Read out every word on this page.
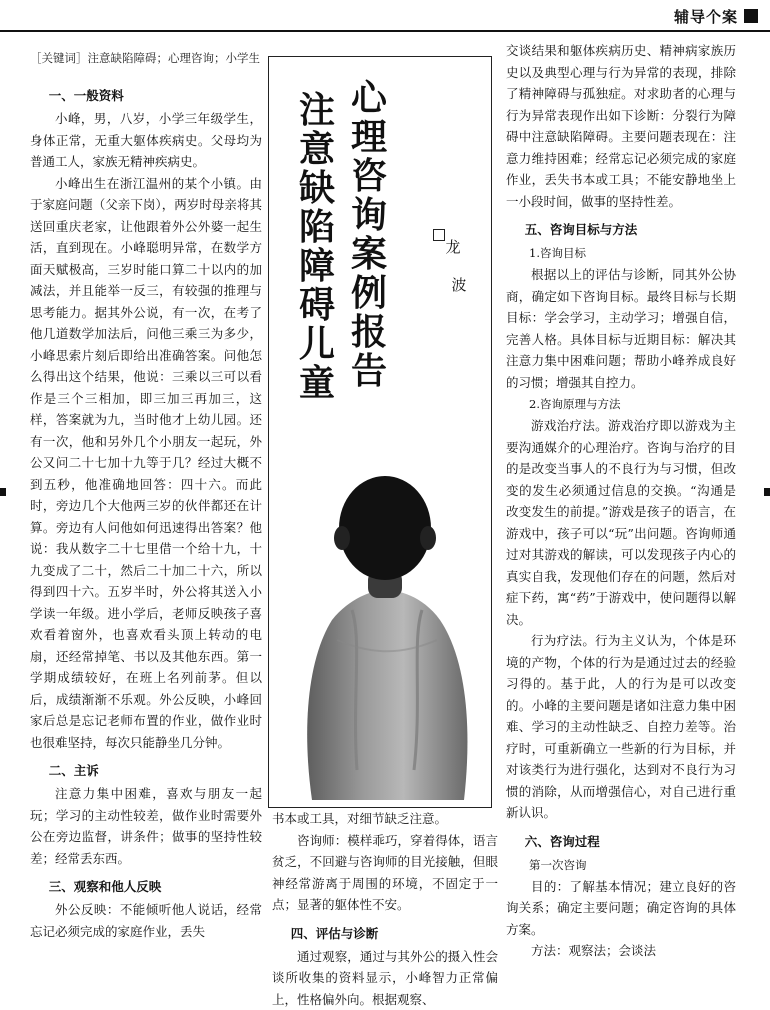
辅导个案
［关键词］注意缺陷障碍；心理咨询；小学生
一、一般资料

小峰，男，八岁，小学三年级学生，身体正常，无重大躯体疾病史。父母均为普通工人，家族无精神疾病史。

小峰出生在浙江温州的某个小镇。由于家庭问题（父亲下岗），两岁时母亲将其送回重庆老家，让他跟着外公外婆一起生活，直到现在。小峰聪明异常，在数学方面天赋极高，三岁时能口算二十以内的加减法，并且能举一反三，有较强的推理与思考能力。据其外公说，有一次，在考了他几道数学加法后，问他三乘三为多少，小峰思索片刻后即给出准确答案。问他怎么得出这个结果，他说：三乘以三可以看作是三个三相加，即三加三再加三，这样，答案就为九，当时他才上幼儿园。还有一次，他和另外几个小朋友一起玩，外公又问二十七加十九等于几？经过大概不到五秒，他准确地回答：四十六。而此时，旁边几个大他两三岁的伙伴都还在计算。旁边有人问他如何迅速得出答案？他说：我从数字二十七里借一个给十九，十九变成了二十，然后二十加二十六，所以得到四十六。五岁半时，外公将其送入小学读一年级。进小学后，老师反映孩子喜欢看着窗外，也喜欢看头顶上转动的电扇，还经常掉笔、书以及其他东西。第一学期成绩较好，在班上名列前茅。但以后，成绩渐渐不乐观。外公反映，小峰回家后总是忘记老师布置的作业，做作业时也很难坚持，每次只能静坐几分钟。

二、主诉

注意力集中困难，喜欢与朋友一起玩；学习的主动性较差，做作业时需要外公在旁边监督，讲条件；做事的坚持性较差；经常丢东西。

三、观察和他人反映

外公反映：不能倾听他人说话，经常忘记必须完成的家庭作业，丢失

心
理
咨
询
案
例
报
告
注
意
缺
陷
障
碍
儿
童
龙
波

书本或工具，对细节缺乏注意。

咨询师：模样乖巧，穿着得体，语言贫乏，不回避与咨询师的目光接触，但眼神经常游离于周围的环境，不固定于一点；显著的躯体性不安。

四、评估与诊断

通过观察，通过与其外公的摄入性会谈所收集的资料显示，小峰智力正常偏上，性格偏外向。根据观察、

交谈结果和躯体疾病历史、精神病家族历史以及典型心理与行为异常的表现，排除了精神障碍与孤独症。对求助者的心理与行为异常表现作出如下诊断：分裂行为障碍中注意缺陷障碍。主要问题表现在：注意力维持困难；经常忘记必须完成的家庭作业，丢失书本或工具；不能安静地坐上一小段时间，做事的坚持性差。

五、咨询目标与方法
1.咨询目标

根据以上的评估与诊断，同其外公协商，确定如下咨询目标。最终目标与长期目标：学会学习，主动学习；增强自信，完善人格。具体目标与近期目标：解决其注意力集中困难问题；帮助小峰养成良好的习惯；增强其自控力。

2.咨询原理与方法

游戏治疗法。游戏治疗即以游戏为主要沟通媒介的心理治疗。咨询与治疗的目的是改变当事人的不良行为与习惯，但改变的发生必须通过信息的交换。“沟通是改变发生的前提。”游戏是孩子的语言，在游戏中，孩子可以“玩”出问题。咨询师通过对其游戏的解读，可以发现孩子内心的真实自我，发现他们存在的问题，然后对症下药，寓“药”于游戏中，使问题得以解决。

行为疗法。行为主义认为，个体是环境的产物，个体的行为是通过过去的经验习得的。基于此，人的行为是可以改变的。小峰的主要问题是诸如注意力集中困难、学习的主动性缺乏、自控力差等。治疗时，可重新确立一些新的行为目标，并对该类行为进行强化，达到对不良行为习惯的消除，从而增强信心，对自己进行重新认识。

六、咨询过程
第一次咨询

目的：了解基本情况；建立良好的咨询关系；确定主要问题；确定咨询的具体方案。

方法：观察法；会谈法
